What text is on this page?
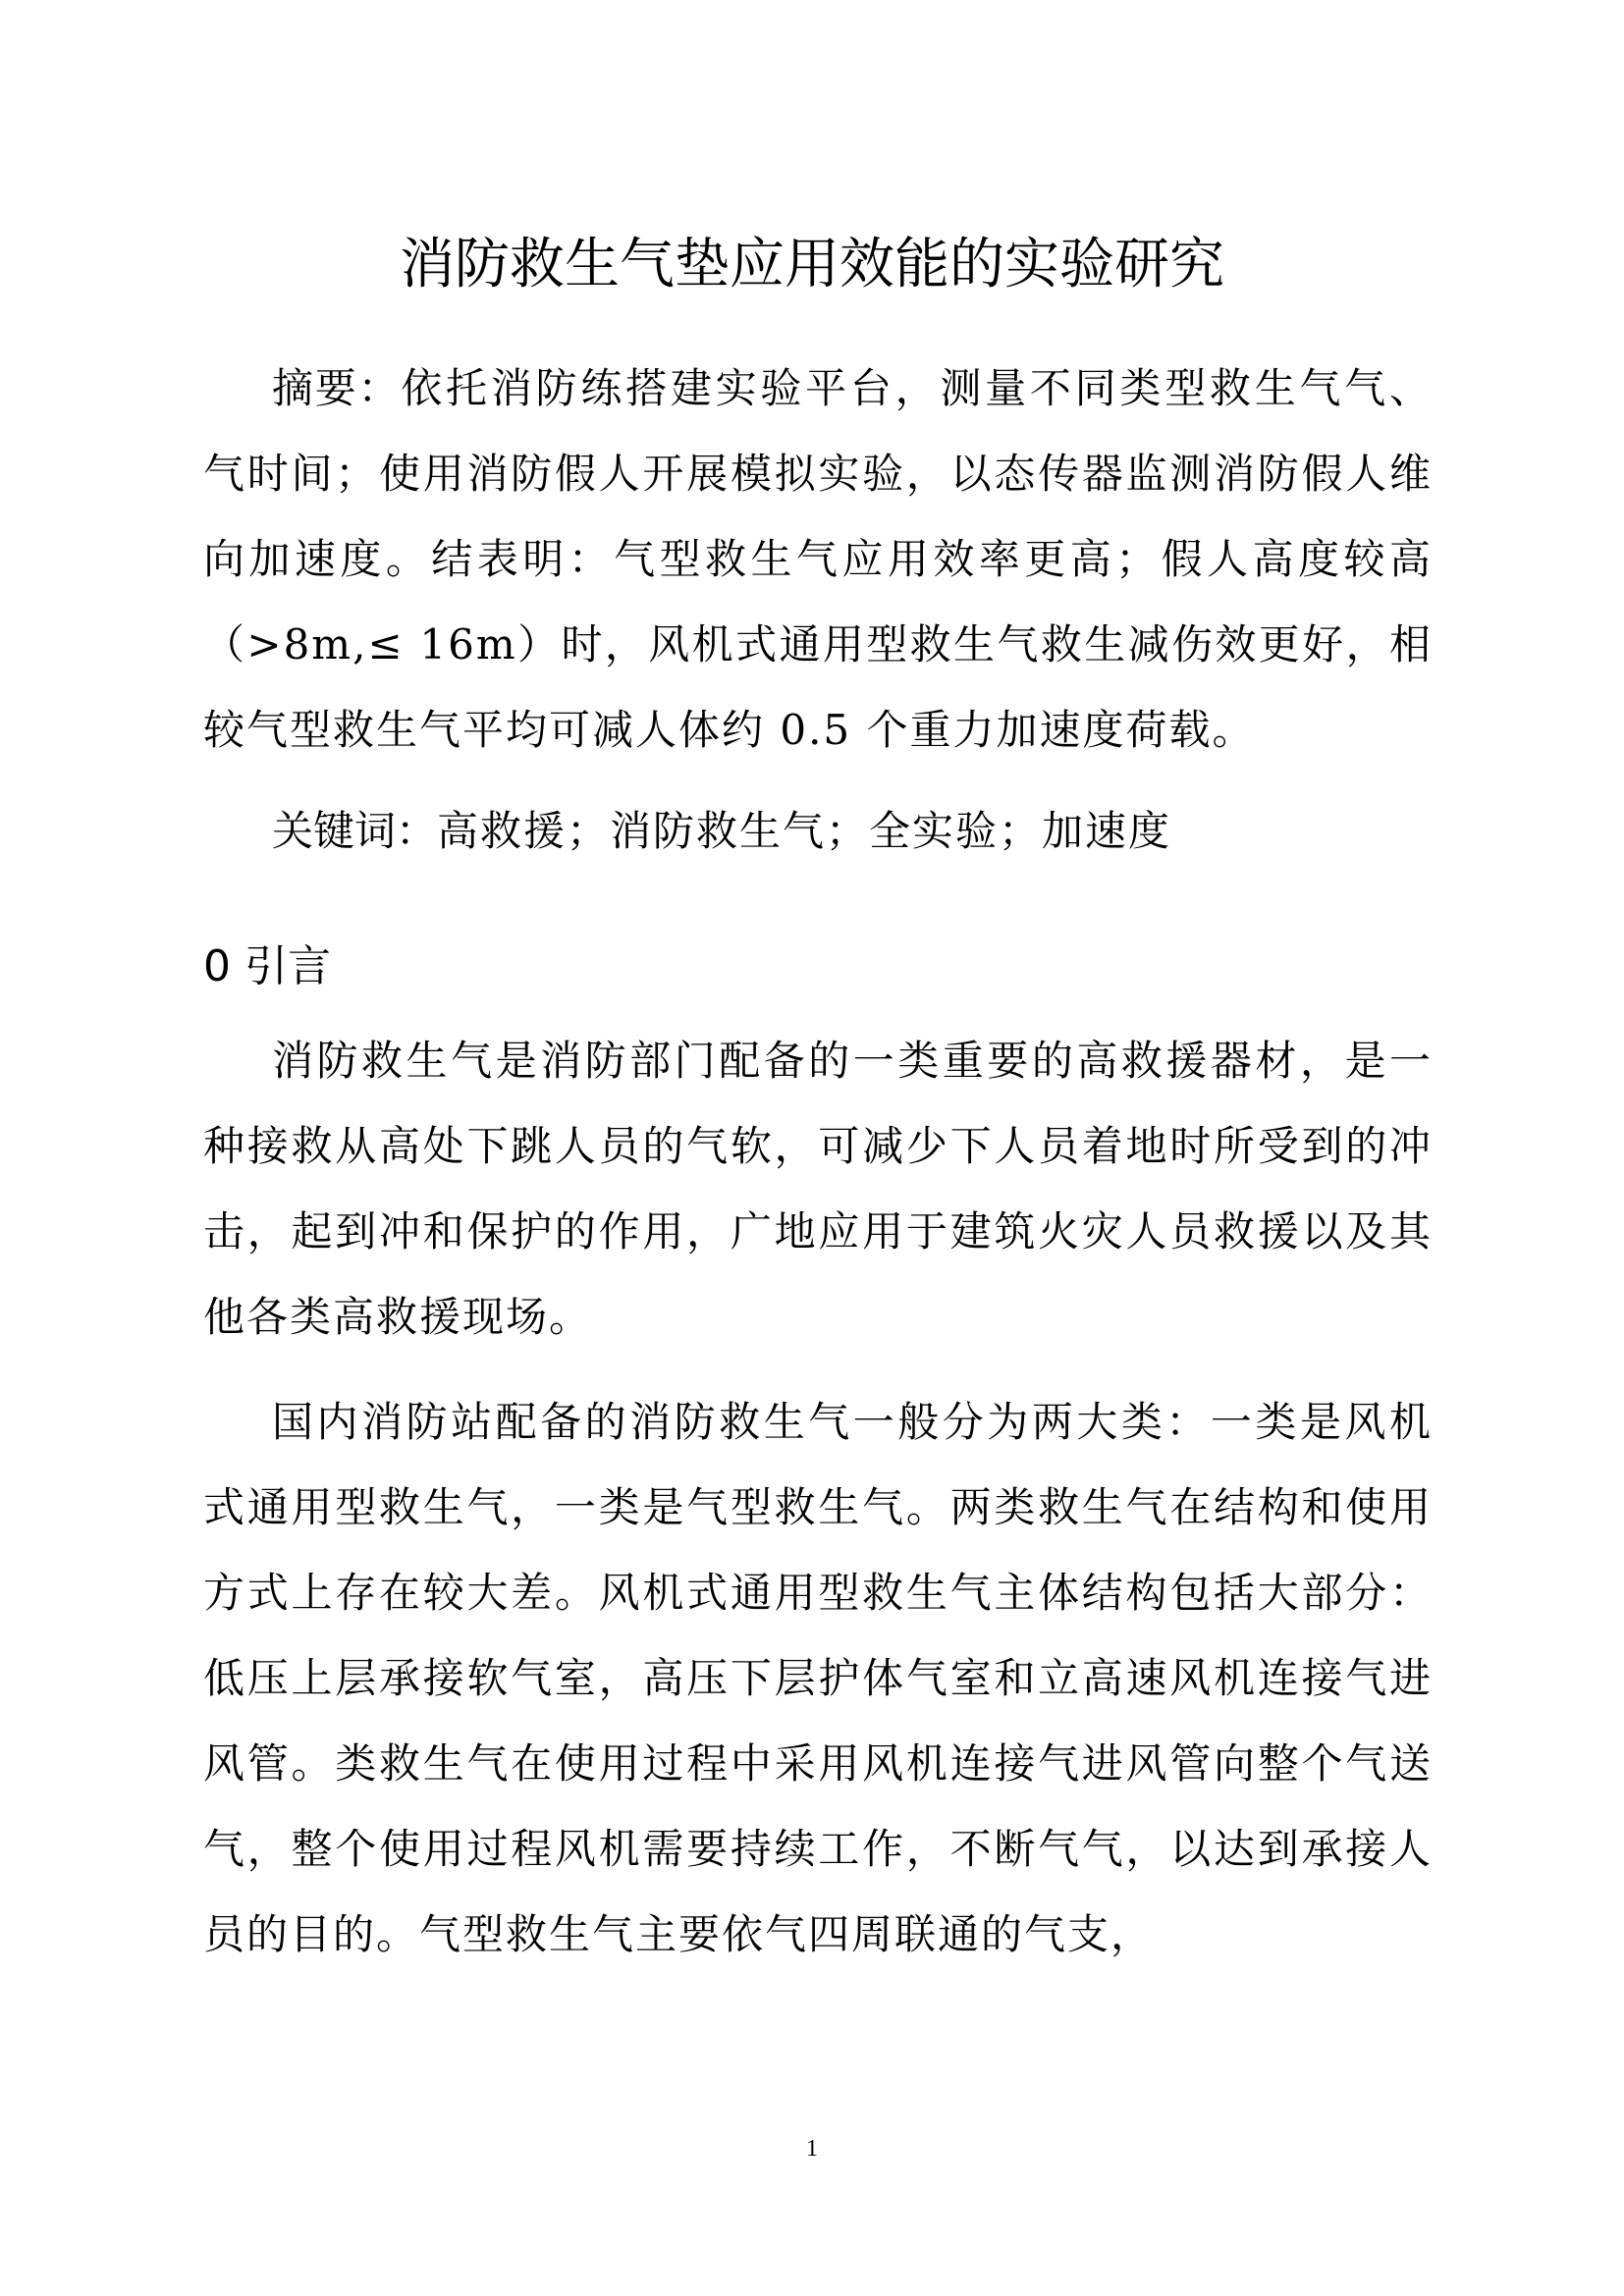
消防救生气垫应用效能的实验研究

摘要：依托消防练搭建实验平台，测量不同类型救生气气、气时间；使用消防假人开展模拟实验，以态传器监测消防假人维向加速度。结表明：气型救生气应用效率更高；假人高度较高（>8m,≤ 16m）时，风机式通用型救生气救生减伤效更好，相较气型救生气平均可减人体约 0.5 个重力加速度荷载。

关键词：高救援；消防救生气；全实验；加速度

0 引言

消防救生气是消防部门配备的一类重要的高救援器材，是一种接救从高处下跳人员的气软，可减少下人员着地时所受到的冲击，起到冲和保护的作用，广地应用于建筑火灾人员救援以及其他各类高救援现场。

国内消防站配备的消防救生气一般分为两大类：一类是风机式通用型救生气，一类是气型救生气。两类救生气在结构和使用方式上存在较大差。风机式通用型救生气主体结构包括大部分：低压上层承接软气室，高压下层护体气室和立高速风机连接气进风管。类救生气在使用过程中采用风机连接气进风管向整个气送气，整个使用过程风机需要持续工作，不断气气，以达到承接人员的目的。气型救生气主要依气四周联通的气支，

1
